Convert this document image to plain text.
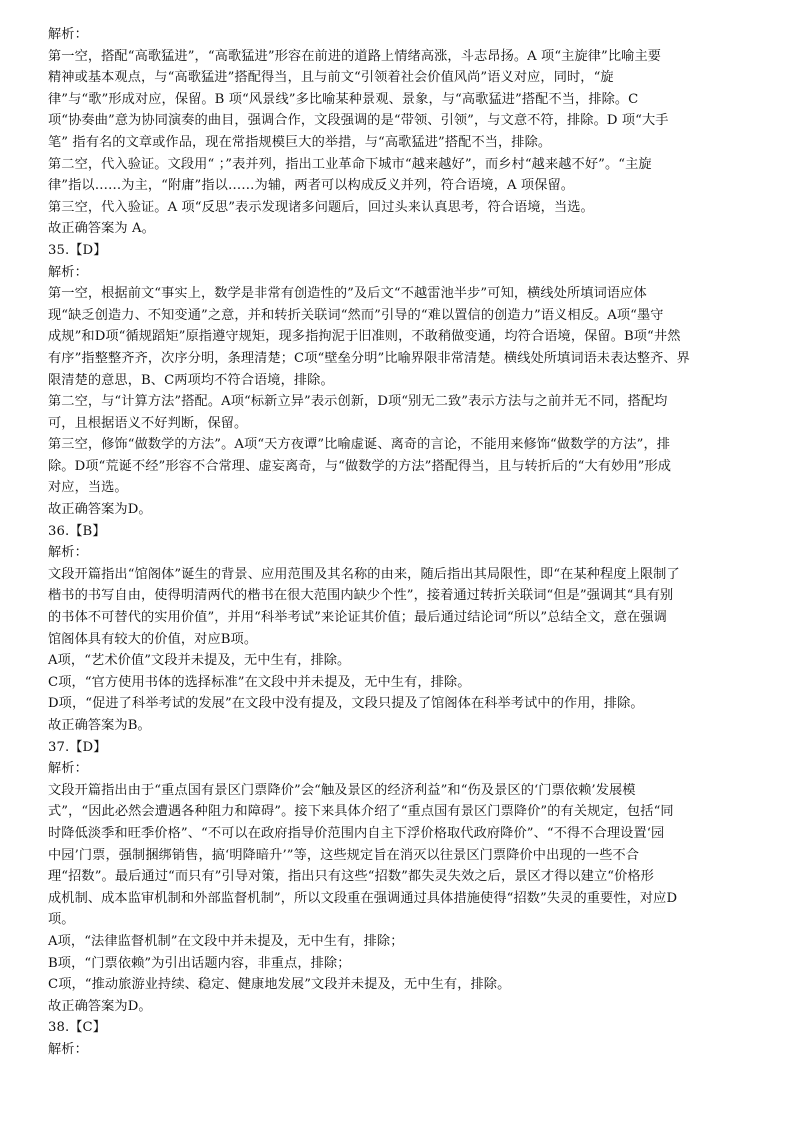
解析：

第一空，搭配“高歌猛进”，“高歌猛进”形容在前进的道路上情绪高涨，斗志昂扬。A 项“主旋律”比喻主要

精神或基本观点，与“高歌猛进”搭配得当，且与前文“引领着社会价值风尚”语义对应，同时，“旋

律”与“歌”形成对应，保留。B 项“风景线”多比喻某种景观、景象，与“高歌猛进”搭配不当，排除。C

项“协奏曲”意为协同演奏的曲目，强调合作，文段强调的是“带领、引领”，与文意不符，排除。D 项“大手

笔” 指有名的文章或作品，现在常指规模巨大的举措，与“高歌猛进”搭配不当，排除。

第二空，代入验证。文段用“ ；”表并列，指出工业革命下城市“越来越好”，而乡村“越来越不好”。“主旋

律”指以……为主，“附庸”指以……为辅，两者可以构成反义并列，符合语境，A 项保留。

第三空，代入验证。A 项“反思”表示发现诸多问题后，回过头来认真思考，符合语境，当选。

故正确答案为 A。

35.【D】

解析：

第一空，根据前文“事实上，数学是非常有创造性的”及后文“不越雷池半步”可知，横线处所填词语应体

现“缺乏创造力、不知变通”之意，并和转折关联词“然而”引导的“难以置信的创造力”语义相反。A项“墨守

成规”和D项“循规蹈矩”原指遵守规矩，现多指拘泥于旧准则，不敢稍做变通，均符合语境，保留。B项“井然

有序”指整整齐齐，次序分明，条理清楚；C项“壁垒分明”比喻界限非常清楚。横线处所填词语未表达整齐、界

限清楚的意思，B、C两项均不符合语境，排除。

第二空，与“计算方法”搭配。A项“标新立异”表示创新，D项“别无二致”表示方法与之前并无不同，搭配均

可，且根据语义不好判断，保留。

第三空，修饰“做数学的方法”。A项“天方夜谭”比喻虚诞、离奇的言论，不能用来修饰“做数学的方法”，排

除。D项“荒诞不经”形容不合常理、虚妄离奇，与“做数学的方法”搭配得当，且与转折后的“大有妙用”形成

对应，当选。

故正确答案为D。

36.【B】

解析：

文段开篇指出“馆阁体”诞生的背景、应用范围及其名称的由来，随后指出其局限性，即“在某种程度上限制了

楷书的书写自由，使得明清两代的楷书在很大范围内缺少个性”，接着通过转折关联词“但是”强调其“具有别

的书体不可替代的实用价值”，并用“科举考试”来论证其价值；最后通过结论词“所以”总结全文，意在强调

馆阁体具有较大的价值，对应B项。

A项，“艺术价值”文段并未提及，无中生有，排除。

C项，“官方使用书体的选择标准”在文段中并未提及，无中生有，排除。

D项，“促进了科举考试的发展”在文段中没有提及，文段只提及了馆阁体在科举考试中的作用，排除。

故正确答案为B。

37.【D】

解析：

文段开篇指出由于“重点国有景区门票降价”会“触及景区的经济利益”和“伤及景区的‘门票依赖’发展模

式”，“因此必然会遭遇各种阻力和障碍”。接下来具体介绍了“重点国有景区门票降价”的有关规定，包括“同

时降低淡季和旺季价格”、“不可以在政府指导价范围内自主下浮价格取代政府降价”、“不得不合理设置‘园

中园’门票，强制捆绑销售，搞‘明降暗升’”等，这些规定旨在消灭以往景区门票降价中出现的一些不合

理“招数”。最后通过“而只有”引导对策，指出只有这些“招数”都失灵失效之后，景区才得以建立“价格形

成机制、成本监审机制和外部监督机制”，所以文段重在强调通过具体措施使得“招数”失灵的重要性，对应D

项。

A项，“法律监督机制”在文段中并未提及，无中生有，排除；

B项，“门票依赖”为引出话题内容，非重点，排除；

C项，“推动旅游业持续、稳定、健康地发展”文段并未提及，无中生有，排除。

故正确答案为D。

38.【C】

解析：
